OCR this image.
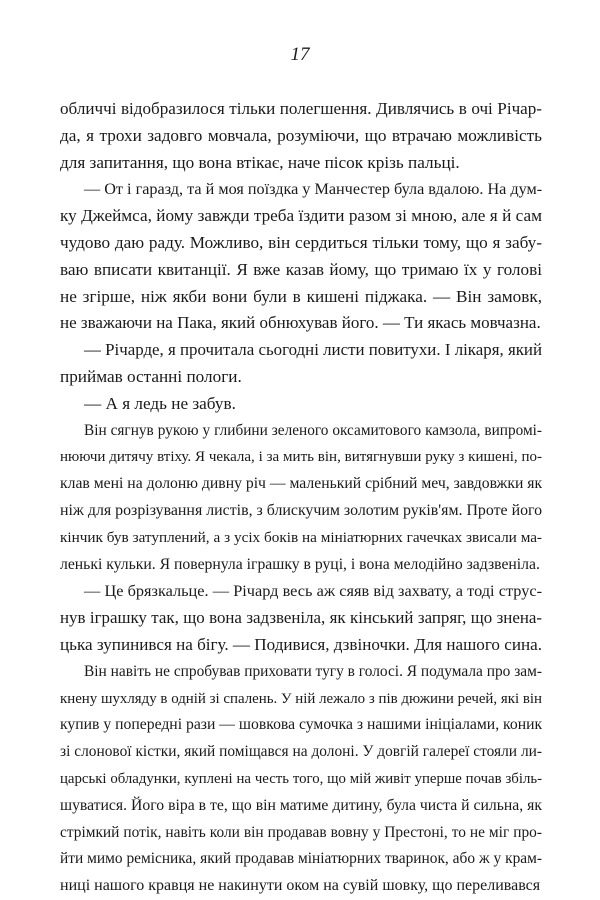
17
обличчі відобразилося тільки полегшення. Дивлячись в очі Річар-
да, я трохи задовго мовчала, розуміючи, що втрачаю можливість
для запитання, що вона втікає, наче пісок крізь пальці.
— От і гаразд, та й моя поїздка у Манчестер була вдалою. На дум-
ку Джеймса, йому завжди треба їздити разом зі мною, але я й сам
чудово даю раду. Можливо, він сердиться тільки тому, що я забу-
ваю вписати квитанції. Я вже казав йому, що тримаю їх у голові
не згірше, ніж якби вони були в кишені піджака. — Він замовк,
не зважаючи на Пака, який обнюхував його. — Ти якась мовчазна.
— Річарде, я прочитала сьогодні листи повитухи. І лікаря, який
приймав останні пологи.
— А я ледь не забув.
Він сягнув рукою у глибини зеленого оксамитового камзола, випромі-
нюючи дитячу втіху. Я чекала, і за мить він, витягнувши руку з кишені, по-
клав мені на долоню дивну річ — маленький срібний меч, завдовжки як
ніж для розрізування листів, з блискучим золотим руків'ям. Проте його
кінчик був затуплений, а з усіх боків на мініатюрних гачечках звисали ма-
ленькі кульки. Я повернула іграшку в руці, і вона мелодійно задзвеніла.
— Це брязкальце. — Річард весь аж сяяв від захвату, а тоді струс-
нув іграшку так, що вона задзвеніла, як кінський запряг, що зненa-
цька зупинився на бігу. — Подивися, дзвіночки. Для нашого сина.
Він навіть не спробував приховати тугу в голосі. Я подумала про зам-
кнену шухляду в одній зі спалень. У ній лежало з пів дюжини речей, які він
купив у попередні рази — шовкова сумочка з нашими ініціалами, коник
зі слонової кістки, який поміщався на долоні. У довгій галереї стояли ли-
царські обладунки, куплені на честь того, що мій живіт уперше почав збіль-
шуватися. Його віра в те, що він матиме дитину, була чиста й сильна, як
стрімкий потік, навіть коли він продавав вовну у Престоні, то не міг про-
йти мимо ремісника, який продавав мініатюрних тваринок, або ж у крам-
ниці нашого кравця не накинути оком на сувій шовку, що переливався
